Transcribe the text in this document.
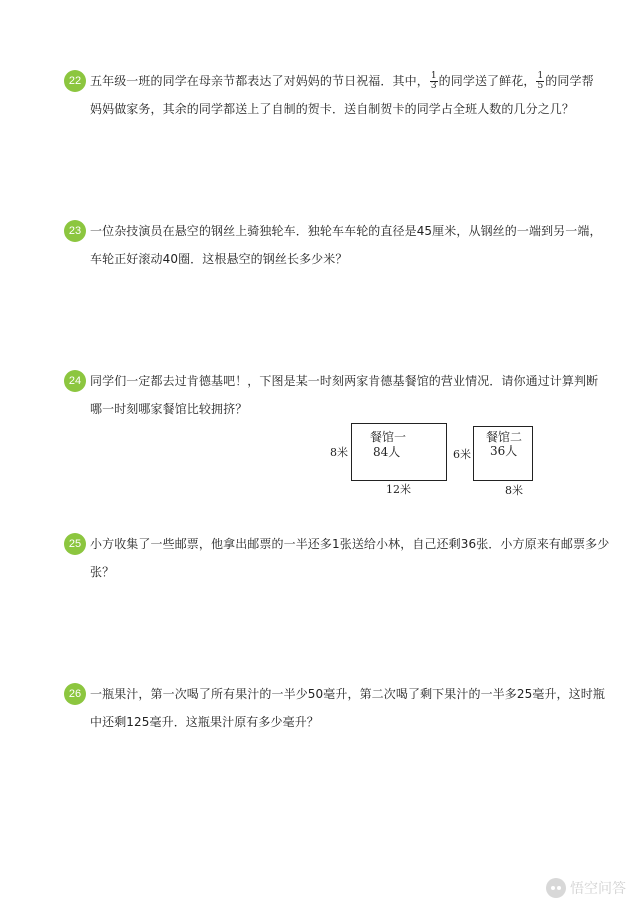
22 五年级一班的同学在母亲节都表达了对妈妈的节日祝福．其中， $\frac{1}{3}$ 的同学送了鲜花， $\frac{1}{5}$ 的同学帮
妈妈做家务，其余的同学都送上了自制的贺卡．送自制贺卡的同学占全班人数的几分之几？
23 一位杂技演员在悬空的钢丝上骑独轮车．独轮车车轮的直径是45厘米，从钢丝的一端到另一端，
车轮正好滚动40圈．这根悬空的钢丝长多少米？
24 同学们一定都去过肯德基吧！，下图是某一时刻两家肯德基餐馆的营业情况．请你通过计算判断
哪一时刻哪家餐馆比较拥挤？
餐馆一
84人
8米
12米
餐馆二
36人
6米
8米
25 小方收集了一些邮票，他拿出邮票的一半还多1张送给小林，自己还剩36张．小方原来有邮票多少
张？
26 一瓶果汁，第一次喝了所有果汁的一半少50毫升，第二次喝了剩下果汁的一半多25毫升，这时瓶
中还剩125毫升．这瓶果汁原有多少毫升？
悟空问答
